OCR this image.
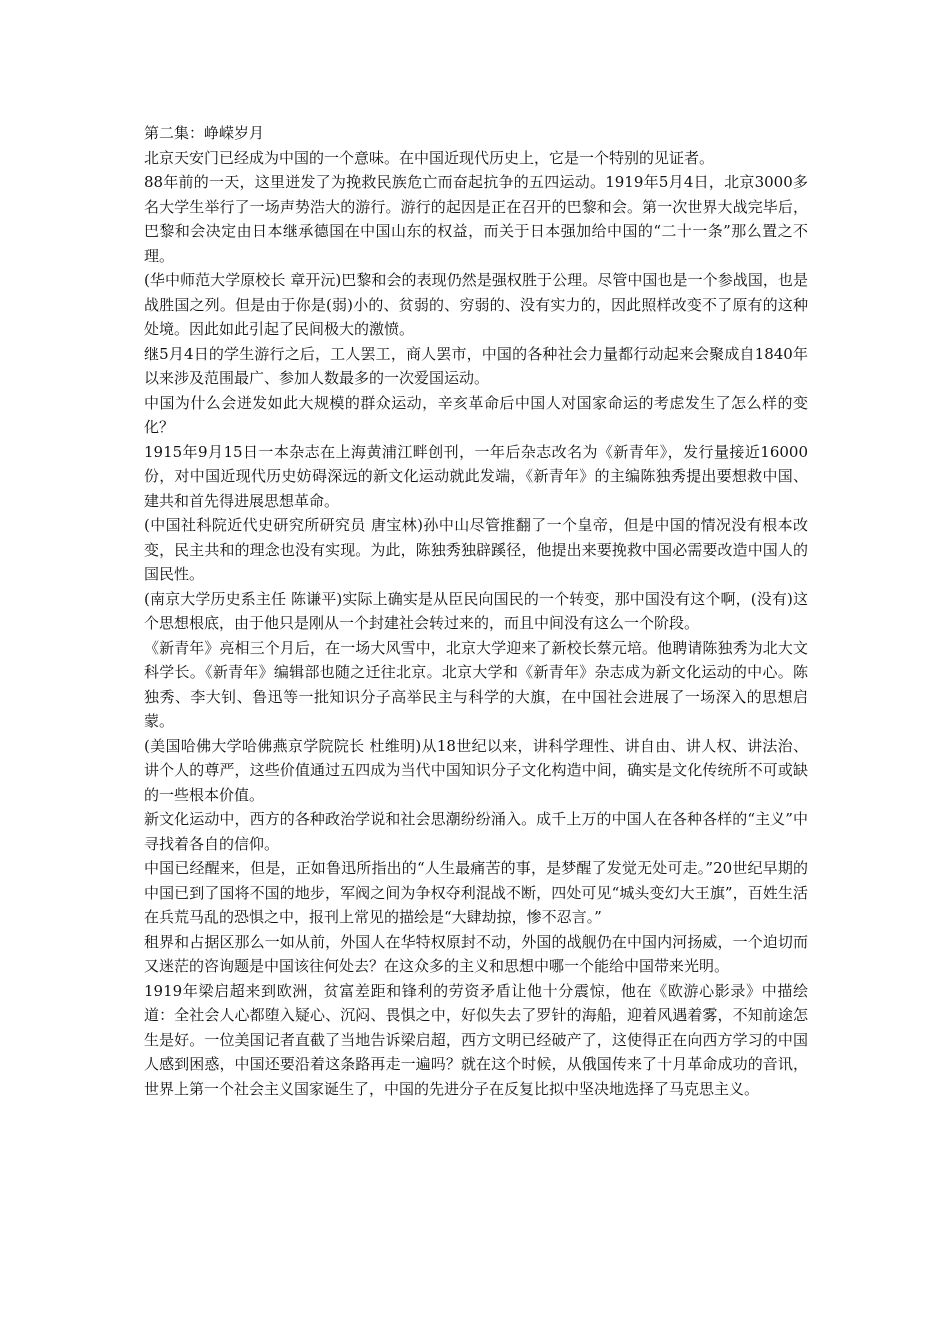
第二集：峥嵘岁月

北京天安门已经成为中国的一个意味。在中国近现代历史上，它是一个特别的见证者。

88年前的一天，这里迸发了为挽救民族危亡而奋起抗争的五四运动。1919年5月4日，北京3000多名大学生举行了一场声势浩大的游行。游行的起因是正在召开的巴黎和会。第一次世界大战完毕后，巴黎和会决定由日本继承德国在中国山东的权益，而关于日本强加给中国的“二十一条”那么置之不理。

(华中师范大学原校长 章开沅)巴黎和会的表现仍然是强权胜于公理。尽管中国也是一个参战国，也是战胜国之列。但是由于你是(弱)小的、贫弱的、穷弱的、没有实力的，因此照样改变不了原有的这种处境。因此如此引起了民间极大的激愤。

继5月4日的学生游行之后，工人罢工，商人罢市，中国的各种社会力量都行动起来会聚成自1840年以来涉及范围最广、参加人数最多的一次爱国运动。

中国为什么会迸发如此大规模的群众运动，辛亥革命后中国人对国家命运的考虑发生了怎么样的变化？

1915年9月15日一本杂志在上海黄浦江畔创刊，一年后杂志改名为《新青年》，发行量接近16000份，对中国近现代历史妨碍深远的新文化运动就此发端，《新青年》的主编陈独秀提出要想救中国、建共和首先得进展思想革命。

(中国社科院近代史研究所研究员 唐宝林)孙中山尽管推翻了一个皇帝，但是中国的情况没有根本改变，民主共和的理念也没有实现。为此，陈独秀独辟蹊径，他提出来要挽救中国必需要改造中国人的国民性。

(南京大学历史系主任 陈谦平)实际上确实是从臣民向国民的一个转变，那中国没有这个啊，(没有)这个思想根底，由于他只是刚从一个封建社会转过来的，而且中间没有这么一个阶段。

《新青年》亮相三个月后，在一场大风雪中，北京大学迎来了新校长蔡元培。他聘请陈独秀为北大文科学长。《新青年》编辑部也随之迁往北京。北京大学和《新青年》杂志成为新文化运动的中心。陈独秀、李大钊、鲁迅等一批知识分子高举民主与科学的大旗，在中国社会进展了一场深入的思想启蒙。

(美国哈佛大学哈佛燕京学院院长 杜维明)从18世纪以来，讲科学理性、讲自由、讲人权、讲法治、讲个人的尊严，这些价值通过五四成为当代中国知识分子文化构造中间，确实是文化传统所不可或缺的一些根本价值。

新文化运动中，西方的各种政治学说和社会思潮纷纷涌入。成千上万的中国人在各种各样的“主义”中寻找着各自的信仰。

中国已经醒来，但是，正如鲁迅所指出的“人生最痛苦的事，是梦醒了发觉无处可走。”20世纪早期的中国已到了国将不国的地步，军阀之间为争权夺利混战不断，四处可见“城头变幻大王旗”，百姓生活在兵荒马乱的恐惧之中，报刊上常见的描绘是“大肆劫掠，惨不忍言。”

租界和占据区那么一如从前，外国人在华特权原封不动，外国的战舰仍在中国内河扬威，一个迫切而又迷茫的咨询题是中国该往何处去？在这众多的主义和思想中哪一个能给中国带来光明。

1919年梁启超来到欧洲，贫富差距和锋利的劳资矛盾让他十分震惊，他在《欧游心影录》中描绘道：全社会人心都堕入疑心、沉闷、畏惧之中，好似失去了罗针的海船，迎着风遇着雾，不知前途怎生是好。一位美国记者直截了当地告诉梁启超，西方文明已经破产了，这使得正在向西方学习的中国人感到困惑，中国还要沿着这条路再走一遍吗？就在这个时候，从俄国传来了十月革命成功的音讯，世界上第一个社会主义国家诞生了，中国的先进分子在反复比拟中坚决地选择了马克思主义。
